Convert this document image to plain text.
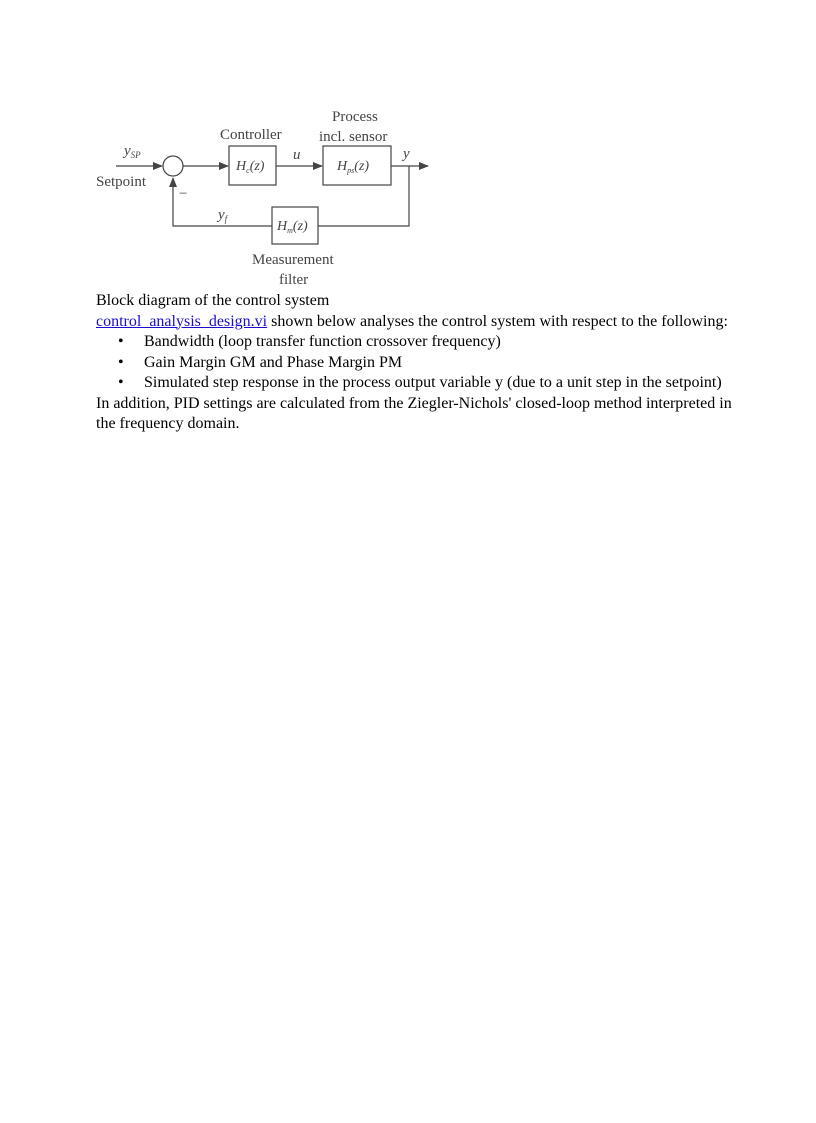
$y_{SP}$
Setpoint
−
Controller
$H_c(z)$
u
Process
incl. sensor
$H_{ps}(z)$
y
$H_m(z)$
$y_f$
Measurement
filter

Block diagram of the control system

control_analysis_design.vi shown below analyses the control system with respect to the following:

• Bandwidth (loop transfer function crossover frequency)
• Gain Margin GM and Phase Margin PM
• Simulated step response in the process output variable y (due to a unit step in the setpoint)

In addition, PID settings are calculated from the Ziegler-Nichols' closed-loop method interpreted in the frequency domain.
